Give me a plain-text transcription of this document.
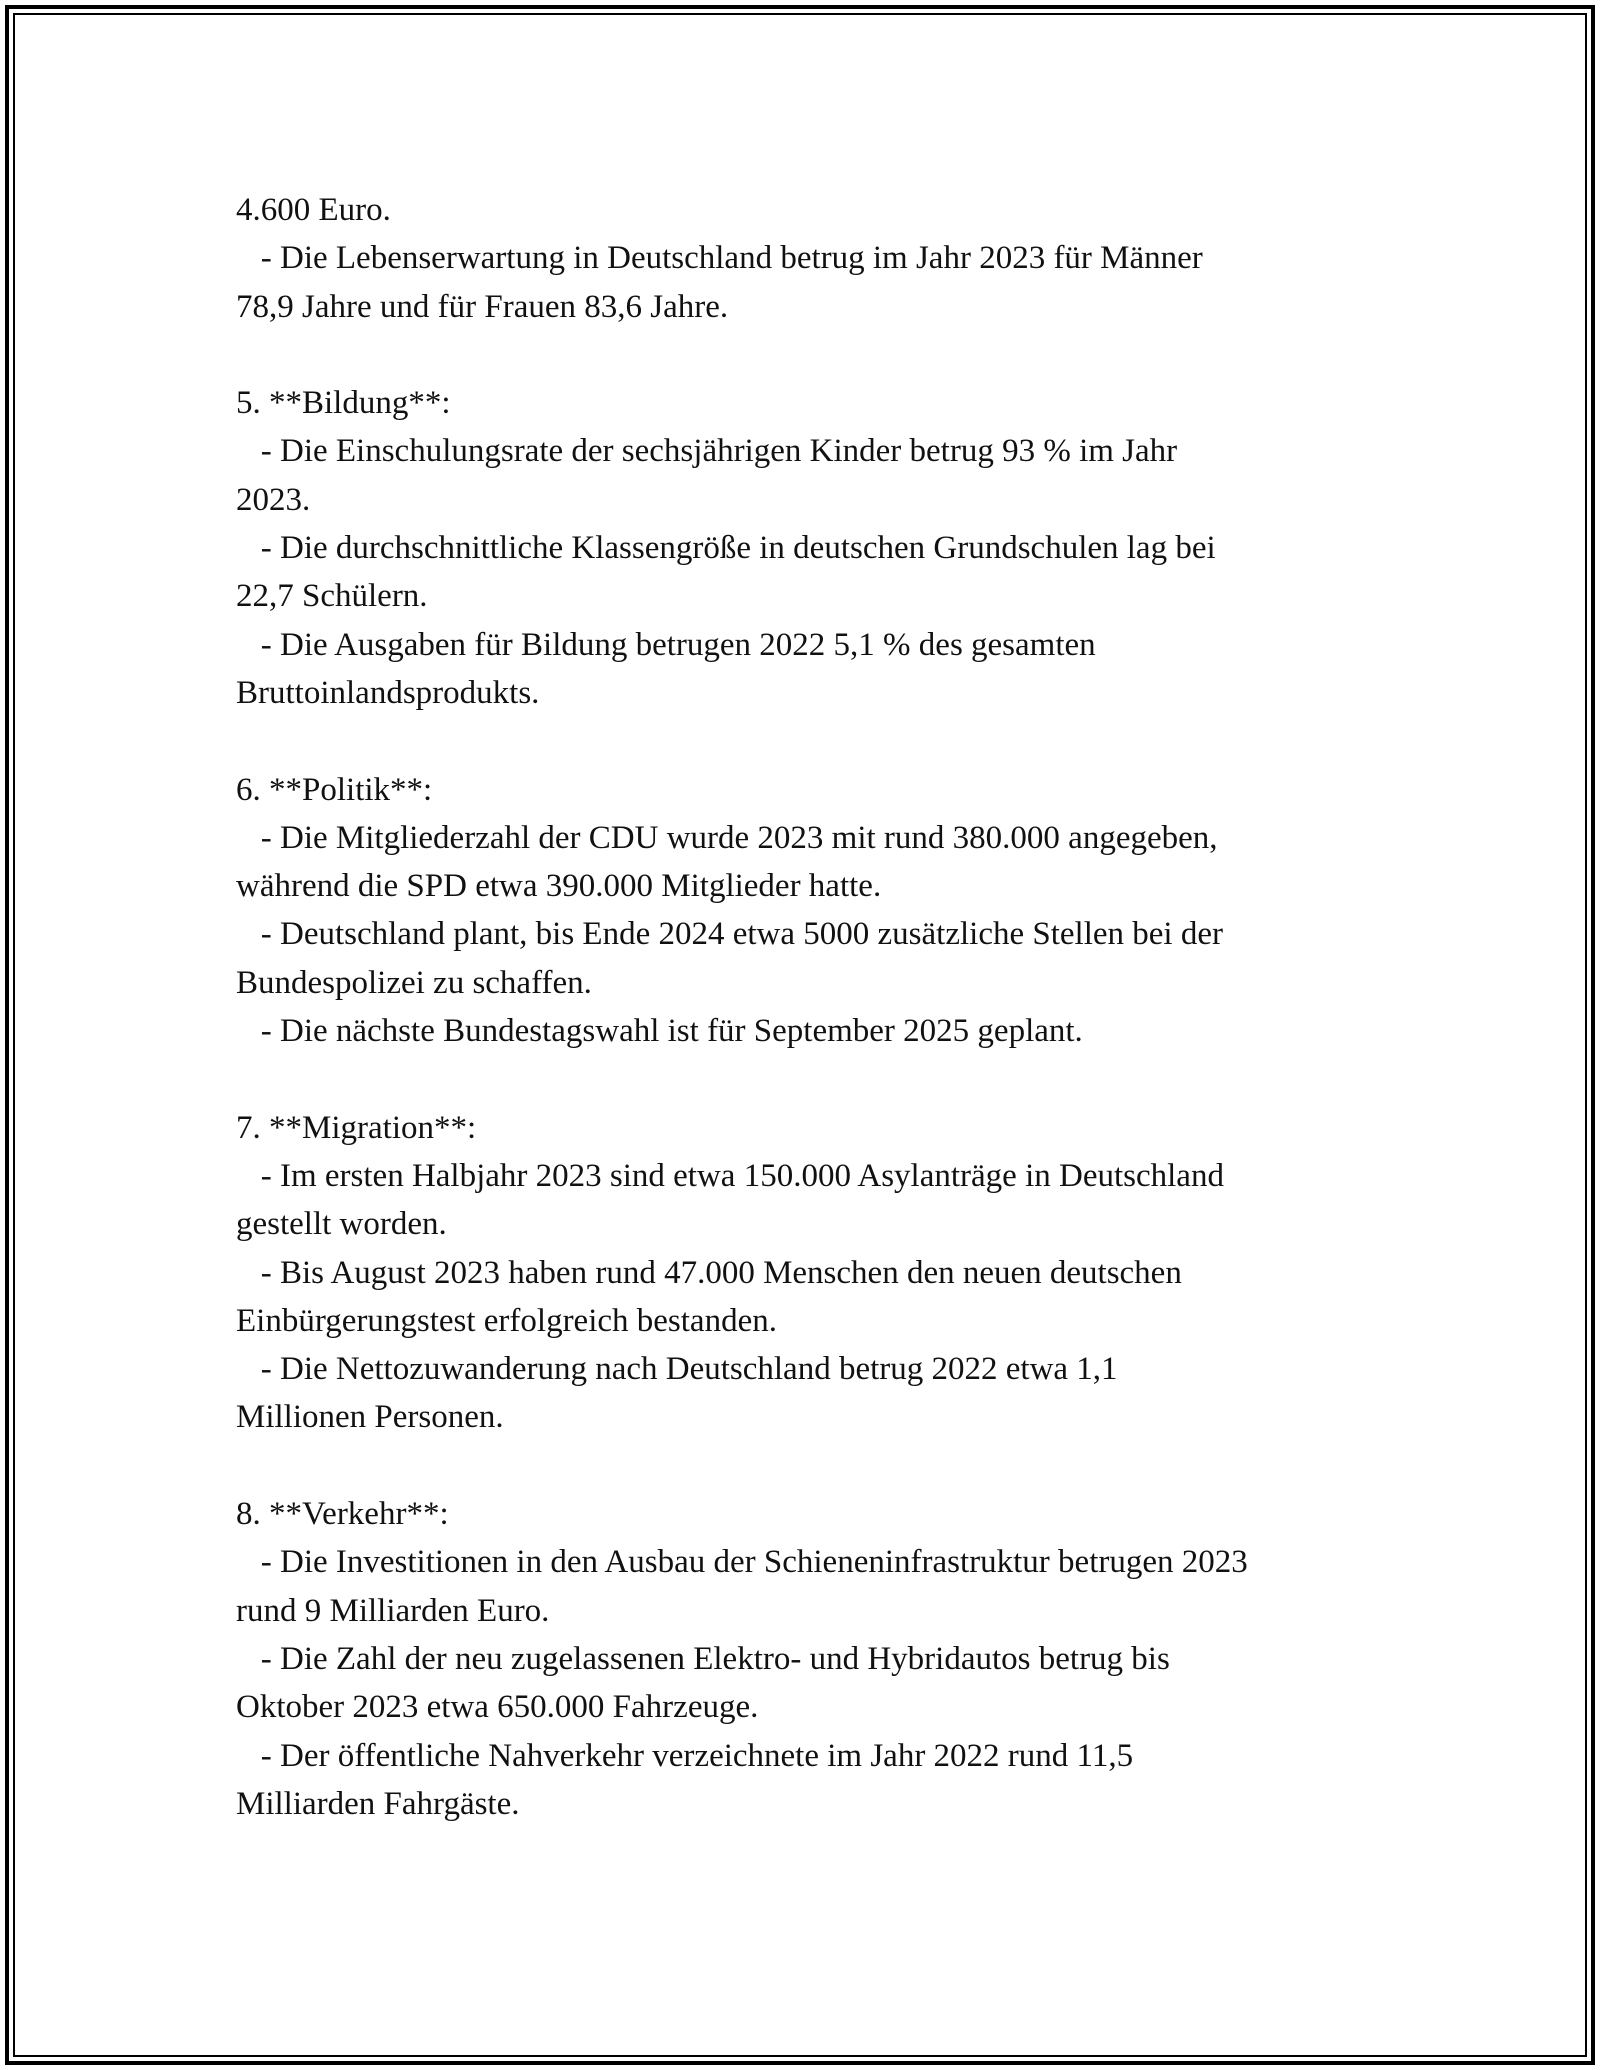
4.600 Euro.
- Die Lebenserwartung in Deutschland betrug im Jahr 2023 für Männer
78,9 Jahre und für Frauen 83,6 Jahre.
5. **Bildung**:
- Die Einschulungsrate der sechsjährigen Kinder betrug 93 % im Jahr
2023.
- Die durchschnittliche Klassengröße in deutschen Grundschulen lag bei
22,7 Schülern.
- Die Ausgaben für Bildung betrugen 2022 5,1 % des gesamten
Bruttoinlandsprodukts.
6. **Politik**:
- Die Mitgliederzahl der CDU wurde 2023 mit rund 380.000 angegeben,
während die SPD etwa 390.000 Mitglieder hatte.
- Deutschland plant, bis Ende 2024 etwa 5000 zusätzliche Stellen bei der
Bundespolizei zu schaffen.
- Die nächste Bundestagswahl ist für September 2025 geplant.
7. **Migration**:
- Im ersten Halbjahr 2023 sind etwa 150.000 Asylanträge in Deutschland
gestellt worden.
- Bis August 2023 haben rund 47.000 Menschen den neuen deutschen
Einbürgerungstest erfolgreich bestanden.
- Die Nettozuwanderung nach Deutschland betrug 2022 etwa 1,1
Millionen Personen.
8. **Verkehr**:
- Die Investitionen in den Ausbau der Schieneninfrastruktur betrugen 2023
rund 9 Milliarden Euro.
- Die Zahl der neu zugelassenen Elektro- und Hybridautos betrug bis
Oktober 2023 etwa 650.000 Fahrzeuge.
- Der öffentliche Nahverkehr verzeichnete im Jahr 2022 rund 11,5
Milliarden Fahrgäste.
